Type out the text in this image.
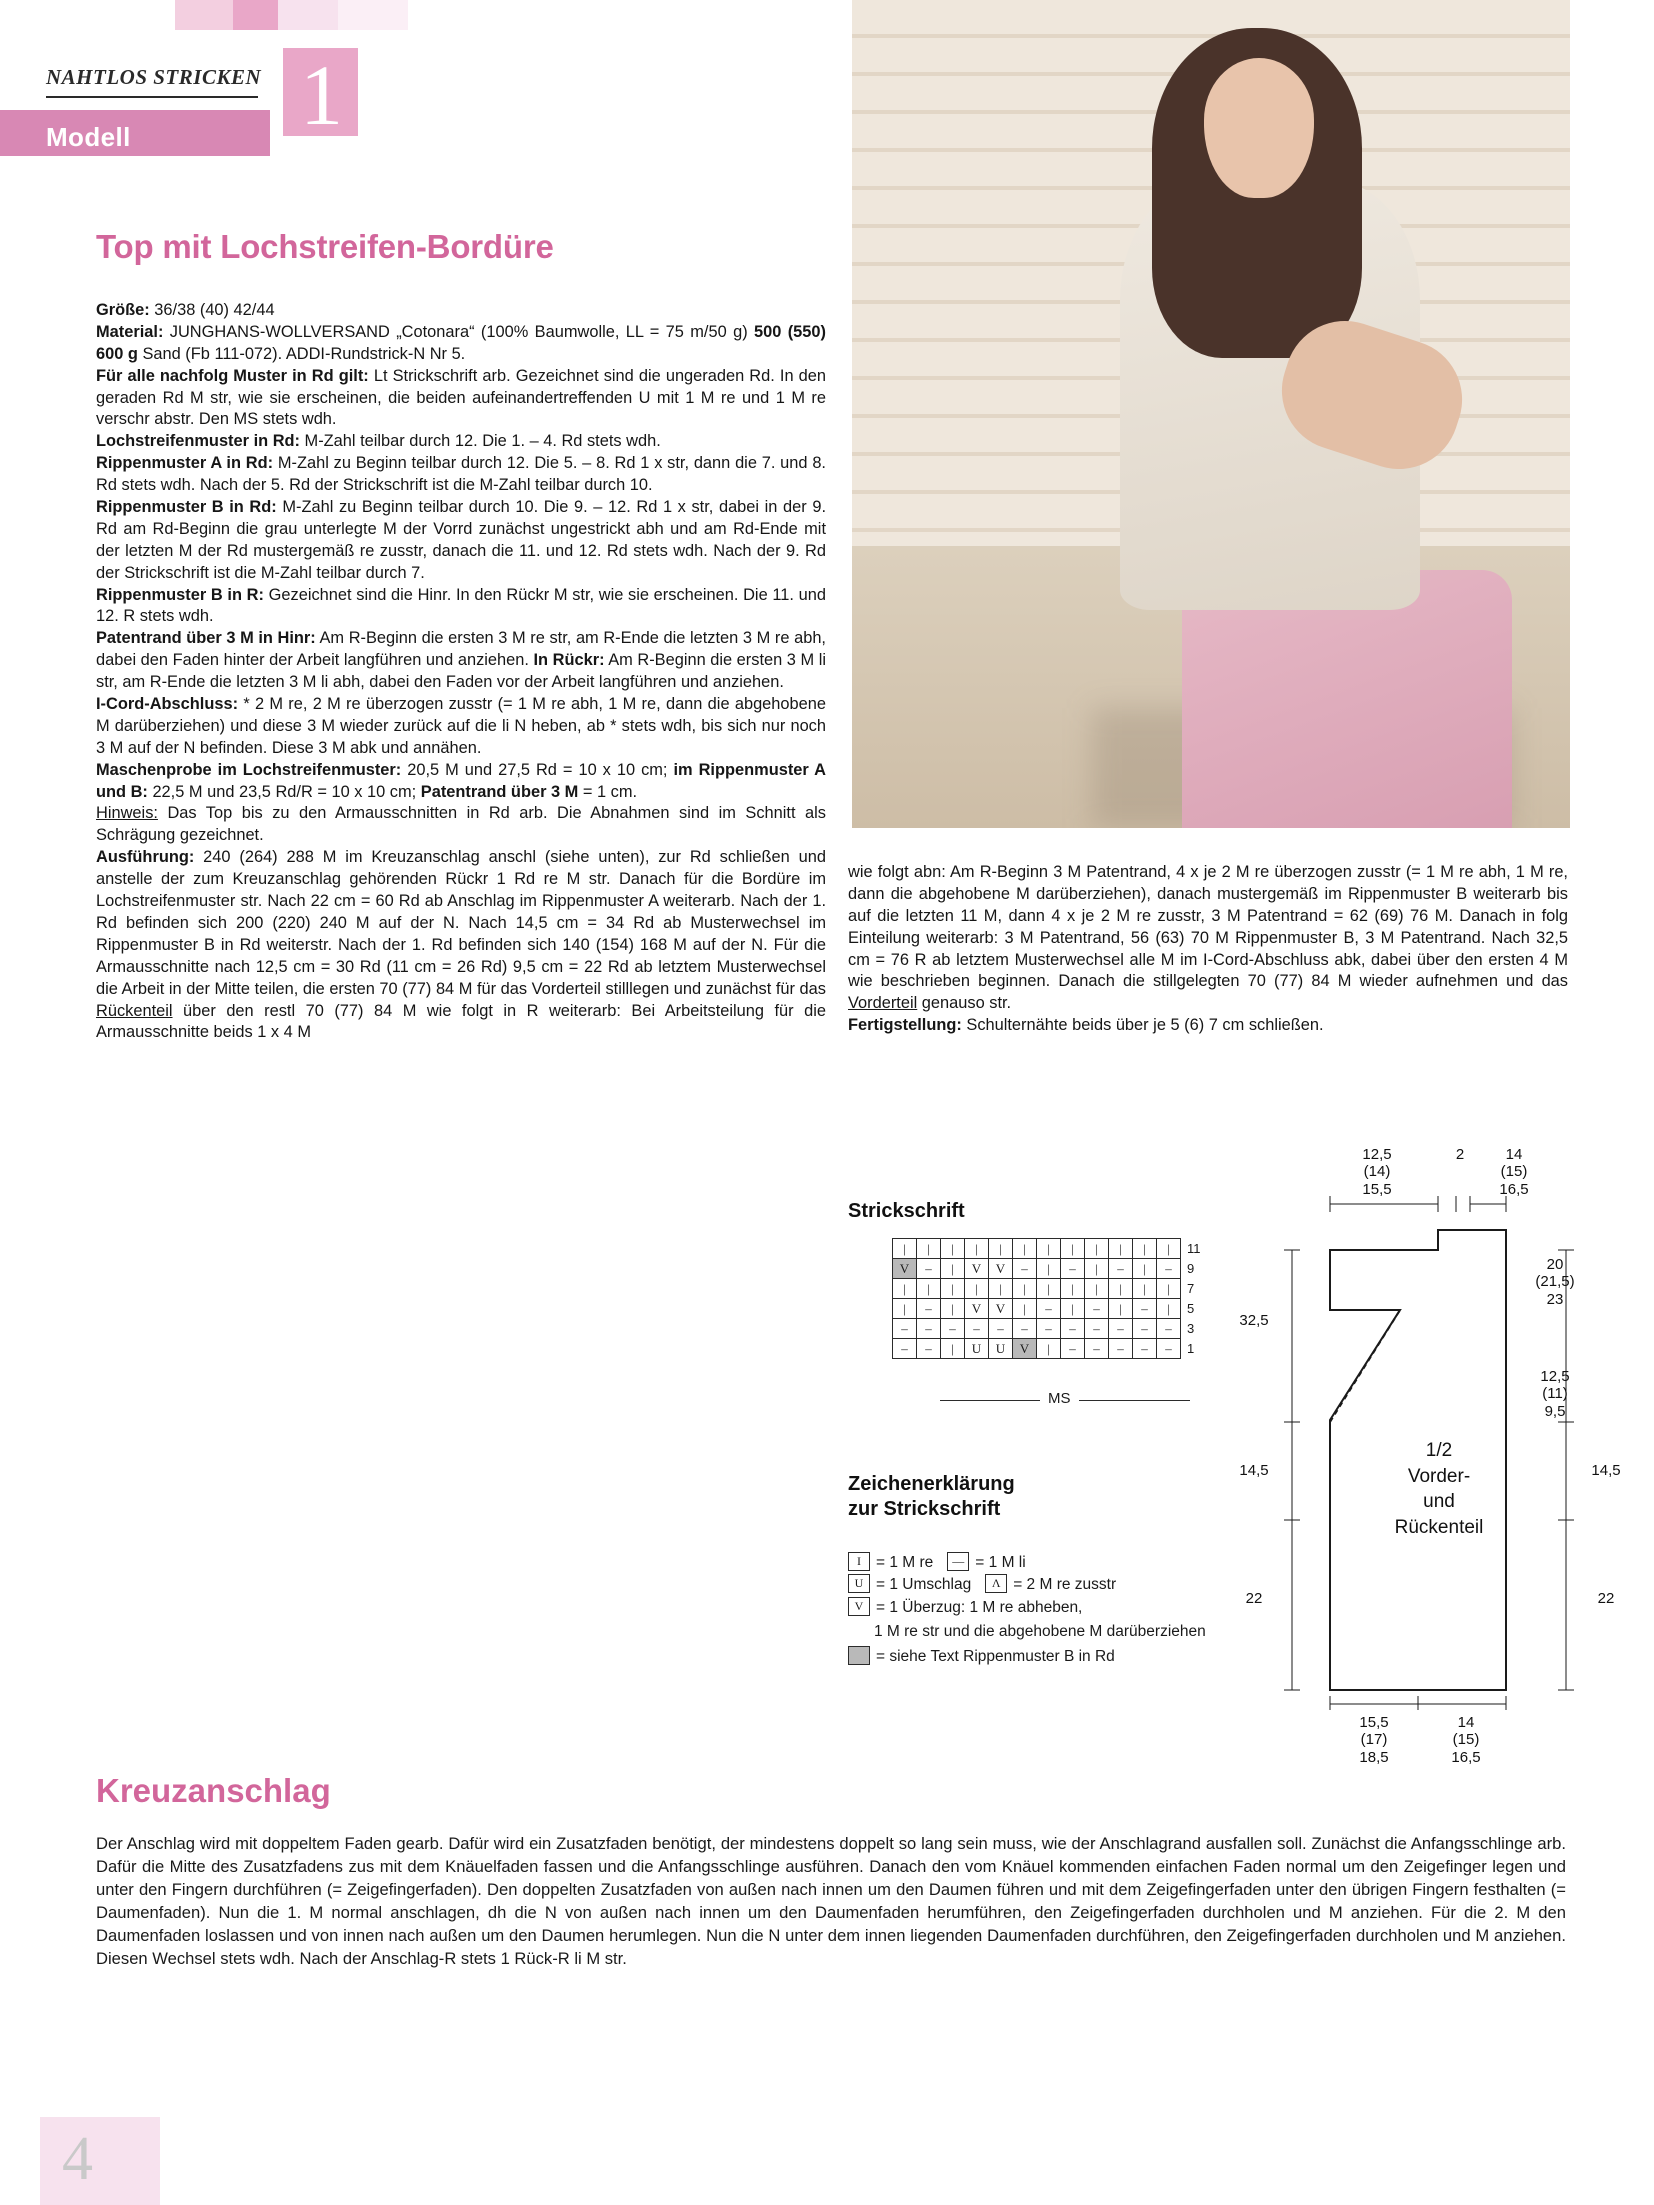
NAHTLOS STRICKEN
Modell 1
Top mit Lochstreifen-Bordüre
Größe: 36/38 (40) 42/44
Material: JUNGHANS-WOLLVERSAND „Cotonara“ (100% Baumwolle, LL = 75 m/50 g) 500 (550) 600 g Sand (Fb 111-072). ADDI-Rundstrick-N Nr 5.
Für alle nachfolg Muster in Rd gilt: Lt Strickschrift arb. Gezeichnet sind die ungeraden Rd. In den geraden Rd M str, wie sie erscheinen, die beiden aufeinandertreffenden U mit 1 M re und 1 M re verschr abstr. Den MS stets wdh.
Lochstreifenmuster in Rd: M-Zahl teilbar durch 12. Die 1. – 4. Rd stets wdh.
Rippenmuster A in Rd: M-Zahl zu Beginn teilbar durch 12. Die 5. – 8. Rd 1 x str, dann die 7. und 8. Rd stets wdh. Nach der 5. Rd der Strickschrift ist die M-Zahl teilbar durch 10.
Rippenmuster B in Rd: M-Zahl zu Beginn teilbar durch 10. Die 9. – 12. Rd 1 x str, dabei in der 9. Rd am Rd-Beginn die grau unterlegte M der Vorrd zunächst ungestrickt abh und am Rd-Ende mit der letzten M der Rd mustergemäß re zusstr, danach die 11. und 12. Rd stets wdh. Nach der 9. Rd der Strickschrift ist die M-Zahl teilbar durch 7.
Rippenmuster B in R: Gezeichnet sind die Hinr. In den Rückr M str, wie sie erscheinen. Die 11. und 12. R stets wdh.
Patentrand über 3 M in Hinr: Am R-Beginn die ersten 3 M re str, am R-Ende die letzten 3 M re abh, dabei den Faden hinter der Arbeit langführen und anziehen. In Rückr: Am R-Beginn die ersten 3 M li str, am R-Ende die letzten 3 M li abh, dabei den Faden vor der Arbeit langführen und anziehen.
I-Cord-Abschluss: * 2 M re, 2 M re überzogen zusstr (= 1 M re abh, 1 M re, dann die abgehobene M darüberziehen) und diese 3 M wieder zurück auf die li N heben, ab * stets wdh, bis sich nur noch 3 M auf der N befinden. Diese 3 M abk und annähen.
Maschenprobe im Lochstreifenmuster: 20,5 M und 27,5 Rd = 10 x 10 cm; im Rippenmuster A und B: 22,5 M und 23,5 Rd/R = 10 x 10 cm; Patentrand über 3 M = 1 cm.
Hinweis: Das Top bis zu den Armausschnitten in Rd arb. Die Abnahmen sind im Schnitt als Schrägung gezeichnet.
Ausführung: 240 (264) 288 M im Kreuzanschlag anschl (siehe unten), zur Rd schließen und anstelle der zum Kreuzanschlag gehörenden Rückr 1 Rd re M str. Danach für die Bordüre im Lochstreifenmuster str. Nach 22 cm = 60 Rd ab Anschlag im Rippenmuster A weiterarb. Nach der 1. Rd befinden sich 200 (220) 240 M auf der N. Nach 14,5 cm = 34 Rd ab Musterwechsel im Rippenmuster B in Rd weiterstr. Nach der 1. Rd befinden sich 140 (154) 168 M auf der N. Für die Armausschnitte nach 12,5 cm = 30 Rd (11 cm = 26 Rd) 9,5 cm = 22 Rd ab letztem Musterwechsel die Arbeit in der Mitte teilen, die ersten 70 (77) 84 M für das Vorderteil stilllegen und zunächst für das Rückenteil über den restl 70 (77) 84 M wie folgt in R weiterarb: Bei Arbeitsteilung für die Armausschnitte beids 1 x 4 M
wie folgt abn: Am R-Beginn 3 M Patentrand, 4 x je 2 M re überzogen zusstr (= 1 M re abh, 1 M re, dann die abgehobene M darüberziehen), danach mustergemäß im Rippenmuster B weiterarb bis auf die letzten 11 M, dann 4 x je 2 M re zusstr, 3 M Patentrand = 62 (69) 76 M. Danach in folg Einteilung weiterarb: 3 M Patentrand, 56 (63) 70 M Rippenmuster B, 3 M Patentrand. Nach 32,5 cm = 76 R ab letztem Musterwechsel alle M im I-Cord-Abschluss abk, dabei über den ersten 4 M wie beschrieben beginnen. Danach die stillgelegten 70 (77) 84 M wieder aufnehmen und das Vorderteil genauso str.
Fertigstellung: Schulternähte beids über je 5 (6) 7 cm schließen.
Strickschrift
|	|	|	|	|	|	|	|	|	|	|	|	11
V	–	|	V	V	–	|	–	|	–	|	–	9
|	|	|	|	|	|	|	|	|	|	|	|	7
|	–	|	V	V	|	–	|	–	|	–	|	5
–	–	–	–	–	–	–	–	–	–	–	–	3
–	–	|	U	U	V	|	–	–	–	–	–	1
MS
Zeichenerklärung
zur Strickschrift
I = 1 M re	— = 1 M li
U = 1 Umschlag	Λ = 2 M re zusstr
V = 1 Überzug: 1 M re abheben,
1 M re str und die abgehobene M darüberziehen
= siehe Text Rippenmuster B in Rd
12,5
(14)
15,5
2	14
(15)
16,5
20
(21,5)
23
12,5
(11)
9,5
32,5
14,5
22
14,5
22
1/2
Vorder-
und
Rückenteil
15,5
(17)
18,5
14
(15)
16,5
Kreuzanschlag
Der Anschlag wird mit doppeltem Faden gearb. Dafür wird ein Zusatzfaden benötigt, der mindestens doppelt so lang sein muss, wie der Anschlagrand ausfallen soll. Zunächst die Anfangsschlinge arb. Dafür die Mitte des Zusatzfadens zus mit dem Knäuelfaden fassen und die Anfangsschlinge ausführen. Danach den vom Knäuel kommenden einfachen Faden normal um den Zeigefinger legen und unter den Fingern durchführen (= Zeigefingerfaden). Den doppelten Zusatzfaden von außen nach innen um den Daumen führen und mit dem Zeigefingerfaden unter den übrigen Fingern festhalten (= Daumenfaden). Nun die 1. M normal anschlagen, dh die N von außen nach innen um den Daumenfaden herumführen, den Zeigefingerfaden durchholen und M anziehen. Für die 2. M den Daumenfaden loslassen und von innen nach außen um den Daumen herumlegen. Nun die N unter dem innen liegenden Daumenfaden durchführen, den Zeigefingerfaden durchholen und M anziehen. Diesen Wechsel stets wdh. Nach der Anschlag-R stets 1 Rück-R li M str.
4
